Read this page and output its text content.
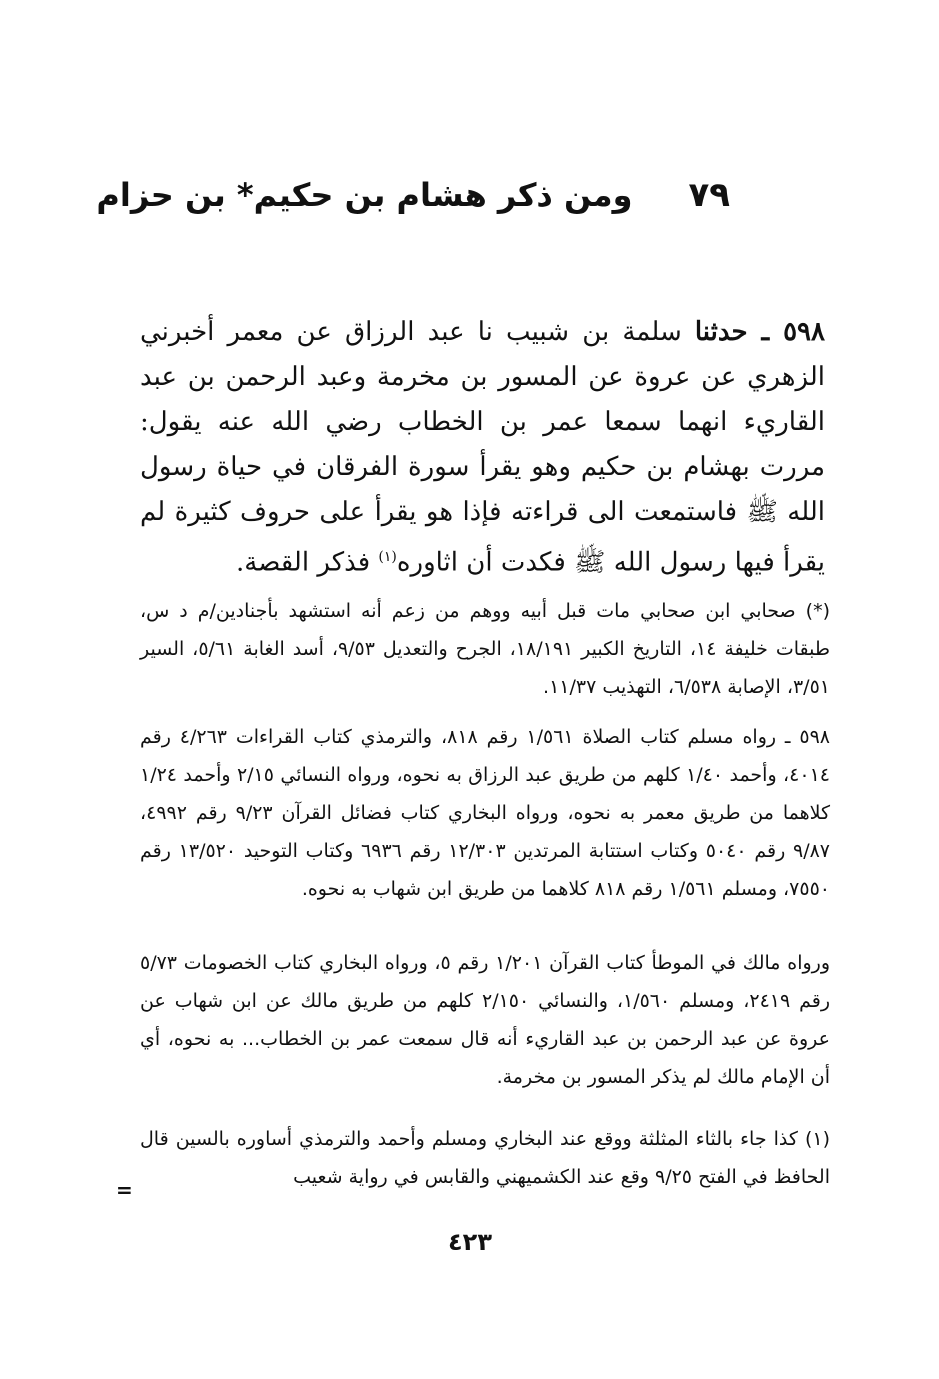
٧٩
ومن ذكر هشام بن حكيم* بن حزام
٥٩٨ ـ حدثنا سلمة بن شبيب نا عبد الرزاق عن معمر أخبرني الزهري عن عروة عن المسور بن مخرمة وعبد الرحمن بن عبد القاريء انهما سمعا عمر بن الخطاب رضي الله عنه يقول: مررت بهشام بن حكيم وهو يقرأ سورة الفرقان في حياة رسول الله ﷺ فاستمعت الى قراءته فإذا هو يقرأ على حروف كثيرة لم يقرأ فيها رسول الله ﷺ فكدت أن اثاوره$^{(١)}$ فذكر القصة.
(*) صحابي ابن صحابي مات قبل أبيه ووهم من زعم أنه استشهد بأجنادين/م د س، طبقات خليفة ١٤، التاريخ الكبير ١٨/١٩١، الجرح والتعديل ٩/٥٣، أسد الغابة ٥/٦١، السير ٣/٥١، الإصابة ٦/٥٣٨، التهذيب ١١/٣٧.
٥٩٨ ـ رواه مسلم كتاب الصلاة ١/٥٦١ رقم ٨١٨، والترمذي كتاب القراءات ٤/٢٦٣ رقم ٤٠١٤، وأحمد ١/٤٠ كلهم من طريق عبد الرزاق به نحوه، ورواه النسائي ٢/١٥ وأحمد ١/٢٤ كلاهما من طريق معمر به نحوه، ورواه البخاري كتاب فضائل القرآن ٩/٢٣ رقم ٤٩٩٢، ٩/٨٧ رقم ٥٠٤٠ وكتاب استتابة المرتدين ١٢/٣٠٣ رقم ٦٩٣٦ وكتاب التوحيد ١٣/٥٢٠ رقم ٧٥٥٠، ومسلم ١/٥٦١ رقم ٨١٨ كلاهما من طريق ابن شهاب به نحوه.
ورواه مالك في الموطأ كتاب القرآن ١/٢٠١ رقم ٥، ورواه البخاري كتاب الخصومات ٥/٧٣ رقم ٢٤١٩، ومسلم ١/٥٦٠، والنسائي ٢/١٥٠ كلهم من طريق مالك عن ابن شهاب عن عروة عن عبد الرحمن بن عبد القاريء أنه قال سمعت عمر بن الخطاب... به نحوه، أي أن الإمام مالك لم يذكر المسور بن مخرمة.
(١) كذا جاء بالثاء المثلثة ووقع عند البخاري ومسلم وأحمد والترمذي أساوره بالسين قال الحافظ في الفتح ٩/٢٥ وقع عند الكشميهني والقابس في رواية شعيب
=
٤٢٣
